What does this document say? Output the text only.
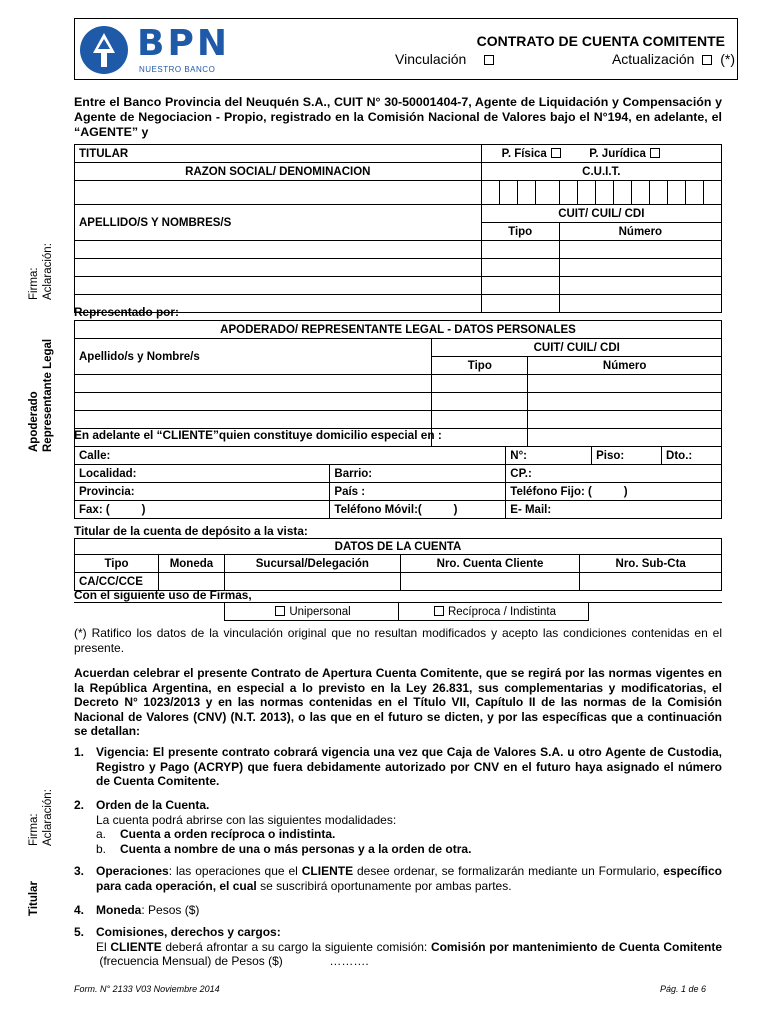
BPN
NUESTRO BANCO
CONTRATO DE CUENTA COMITENTE
Vinculación	Actualización (*)
Entre el Banco Provincia del Neuquén S.A., CUIT N° 30-50001404-7, Agente de Liquidación y Compensación y Agente de Negociacion - Propio, registrado en la Comisión Nacional de Valores bajo el N°194, en adelante, el “AGENTE” y
Firma: Aclaración:
Apoderado Representante Legal
Firma: Aclaración:
Titular
TITULAR	P. Física P. Jurídica												
RAZON SOCIAL/ DENOMINACION	C.U.I.T.												

APELLIDO/S Y NOMBRES/S	CUIT/ CUIL/ CDI												
	Tipo				Número								

Representado por:
APODERADO/ REPRESENTANTE LEGAL - DATOS PERSONALES		
Apellido/s y Nombre/s	CUIT/ CUIL/ CDI	
	Tipo	Número

En adelante el “CLIENTE”quien constituye domicilio especial en :
Calle:		N°:	Piso:	Dto.:
Localidad:	Barrio:	CP.:		
Provincia:	País :	Teléfono Fijo: (          )		
Fax: (          )	Teléfono Móvil:(          )	E- Mail:		
Titular de la cuenta de depósito a la vista:
DATOS DE LA CUENTA				
Tipo	Moneda	Sucursal/Delegación	Nro. Cuenta Cliente	Nro. Sub-Cta
CA/CC/CCE				
Con el siguiente uso de Firmas,
	Unipersonal	Recíproca / Indistinta	
(*) Ratifico los datos de la vinculación original que no resultan modificados y acepto las condiciones contenidas en el presente.
Acuerdan celebrar el presente Contrato de Apertura Cuenta Comitente, que se regirá por las normas vigentes en la República Argentina, en especial a lo previsto en la Ley 26.831, sus complementarias y modificatorias, el Decreto N° 1023/2013 y en las normas contenidas en el Título VII, Capítulo II de las normas de la Comisión Nacional de Valores (CNV) (N.T. 2013), o las que en el futuro se dicten, y por las específicas que a continuación se detallan:
1. Vigencia: El presente contrato cobrará vigencia una vez que Caja de Valores S.A. u otro Agente de Custodia, Registro y Pago (ACRYP) que fuera debidamente autorizado por CNV en el futuro haya asignado el número de Cuenta Comitente.
2. Orden de la Cuenta.
La cuenta podrá abrirse con las siguientes modalidades:
a. Cuenta a orden recíproca o indistinta.
b. Cuenta a nombre de una o más personas y a la orden de otra.
3. Operaciones: las operaciones que el CLIENTE desee ordenar, se formalizarán mediante un Formulario, específico para cada operación, el cual se suscribirá oportunamente por ambas partes.
4. Moneda: Pesos ($)
5. Comisiones, derechos y cargos:
El CLIENTE deberá afrontar a su cargo la siguiente comisión: Comisión por mantenimiento de Cuenta Comitente (frecuencia Mensual) de Pesos ($)              ……….
Form. N° 2133 V03 Noviembre 2014	Pág. 1 de 6
